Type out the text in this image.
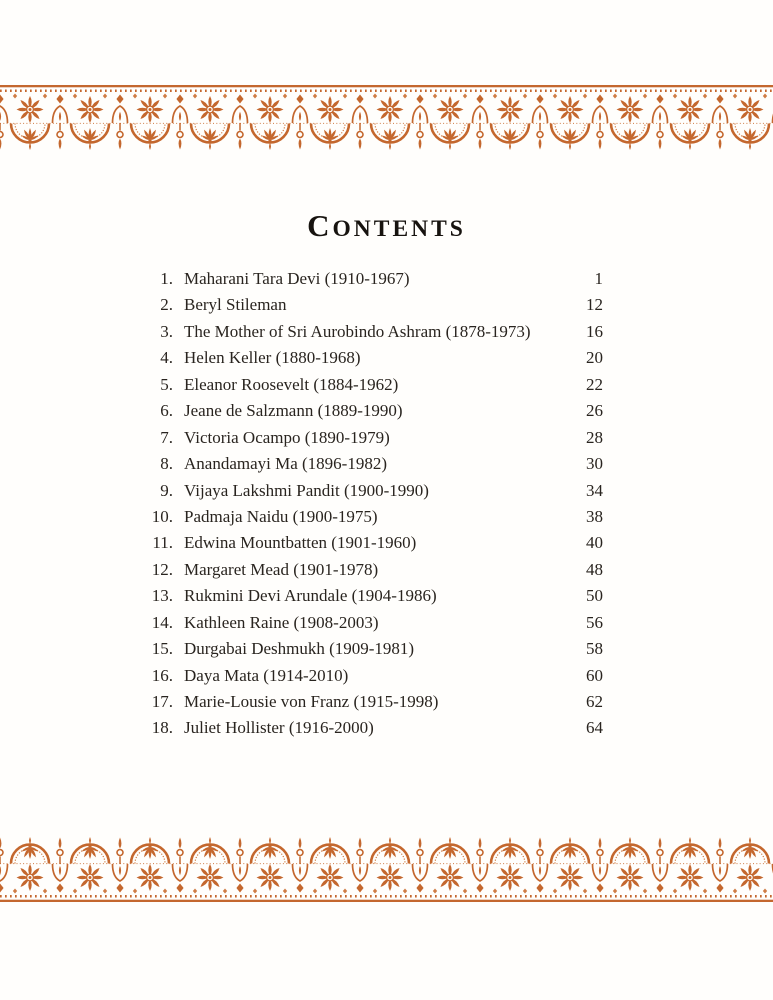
CONTENTS
1. Maharani Tara Devi (1910-1967)	1
2. Beryl Stileman	12
3. The Mother of Sri Aurobindo Ashram (1878-1973)	16
4. Helen Keller (1880-1968)	20
5. Eleanor Roosevelt (1884-1962)	22
6. Jeane de Salzmann (1889-1990)	26
7. Victoria Ocampo (1890-1979)	28
8. Anandamayi Ma (1896-1982)	30
9. Vijaya Lakshmi Pandit (1900-1990)	34
10. Padmaja Naidu (1900-1975)	38
11. Edwina Mountbatten (1901-1960)	40
12. Margaret Mead (1901-1978)	48
13. Rukmini Devi Arundale (1904-1986)	50
14. Kathleen Raine (1908-2003)	56
15. Durgabai Deshmukh (1909-1981)	58
16. Daya Mata (1914-2010)	60
17. Marie-Lousie von Franz (1915-1998)	62
18. Juliet Hollister (1916-2000)	64
